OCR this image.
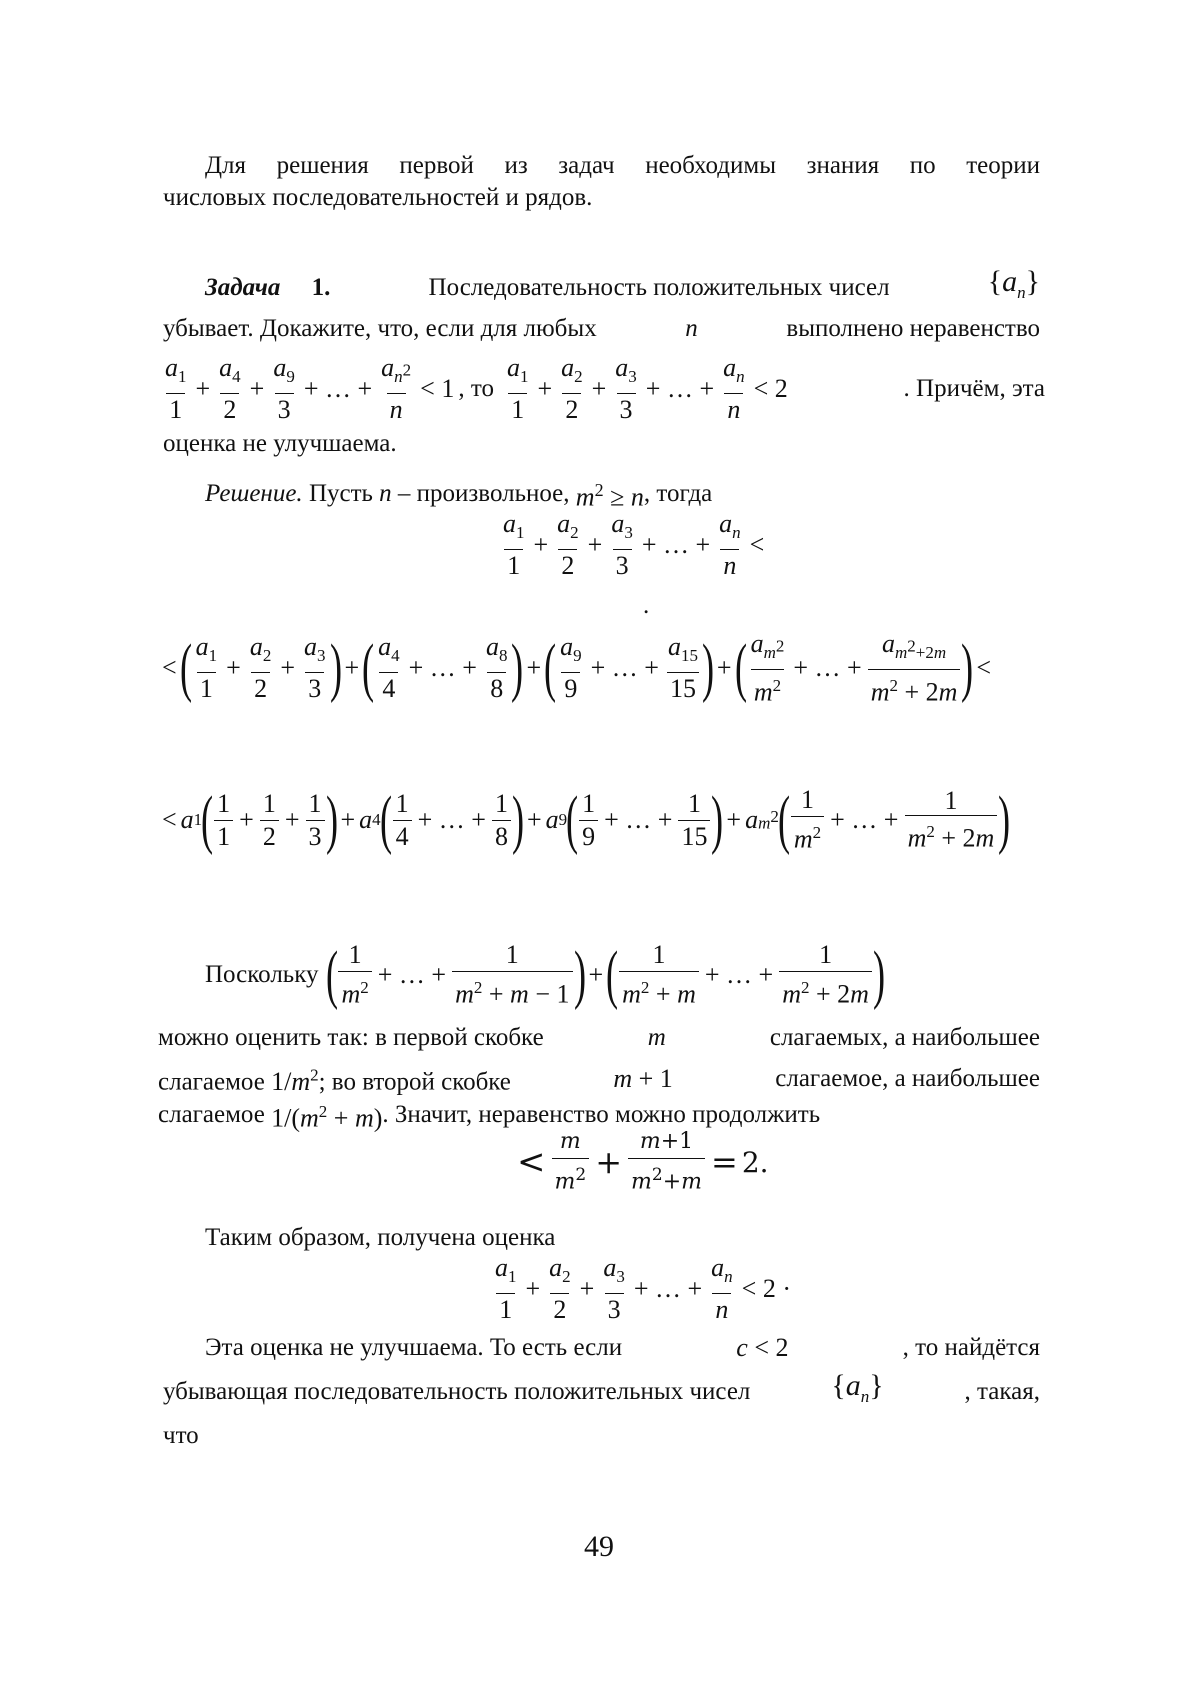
Для решения первой из задач необходимы знания по теории
числовых последовательностей и рядов.
Задача 1.	Последовательность положительных чисел	{an}
убывает. Докажите, что, если для любых	n	выполнено неравенство
a1
1
+
a4
2
+
a9
3
+ … +
an2
n
< 1 , то
a1
1
+
a2
2
+
a3
3
+ … +
an
n
< 2	. Причём, эта
оценка не улучшаема.
Решение.
Пусть
n
– произвольное,
m2 ≥ n , тогда
a1
1
+
a2
2
+
a3
3
+ … +
an
n
<
.
< ( a1
1
+
a2
2
+
a3
3 ) + ( a4
4
+ … +
a8
8 ) + ( a9
9
+ … +
a15
15 ) + ( am2
m2
+ … +
am2+2m
m2 + 2m ) <
< a 1
( 1
1
+
1
2
+
1
3 ) + a 4
( 1
4
+ … +
1
8 ) + a 9
( 1
9
+ … +
1
15 ) + a m2
( 1
m2 + … +
1
m2 + 2m )
Поскольку ( 1
m2 + … +
1
m2 + m − 1 ) + ( 1
m2 + m
+ … +
1
m2 + 2m )
можно оценить так: в первой скобке	m	слагаемых, а наибольшее
слагаемое 1/m2; во второй скобке	m + 1	слагаемое, а наибольшее
слагаемое
1/(m2 + m) . Значит, неравенство можно продолжить
<
m
m2 +
m+1
m2+m
= 2.
Таким образом, получена оценка
a1
1
+
a2
2
+
a3
3
+ … +
an
n
< 2 ·
Эта оценка не улучшаема. То есть если	c < 2	, то найдётся
убывающая последовательность положительных чисел	{an}	, такая,
что
49
